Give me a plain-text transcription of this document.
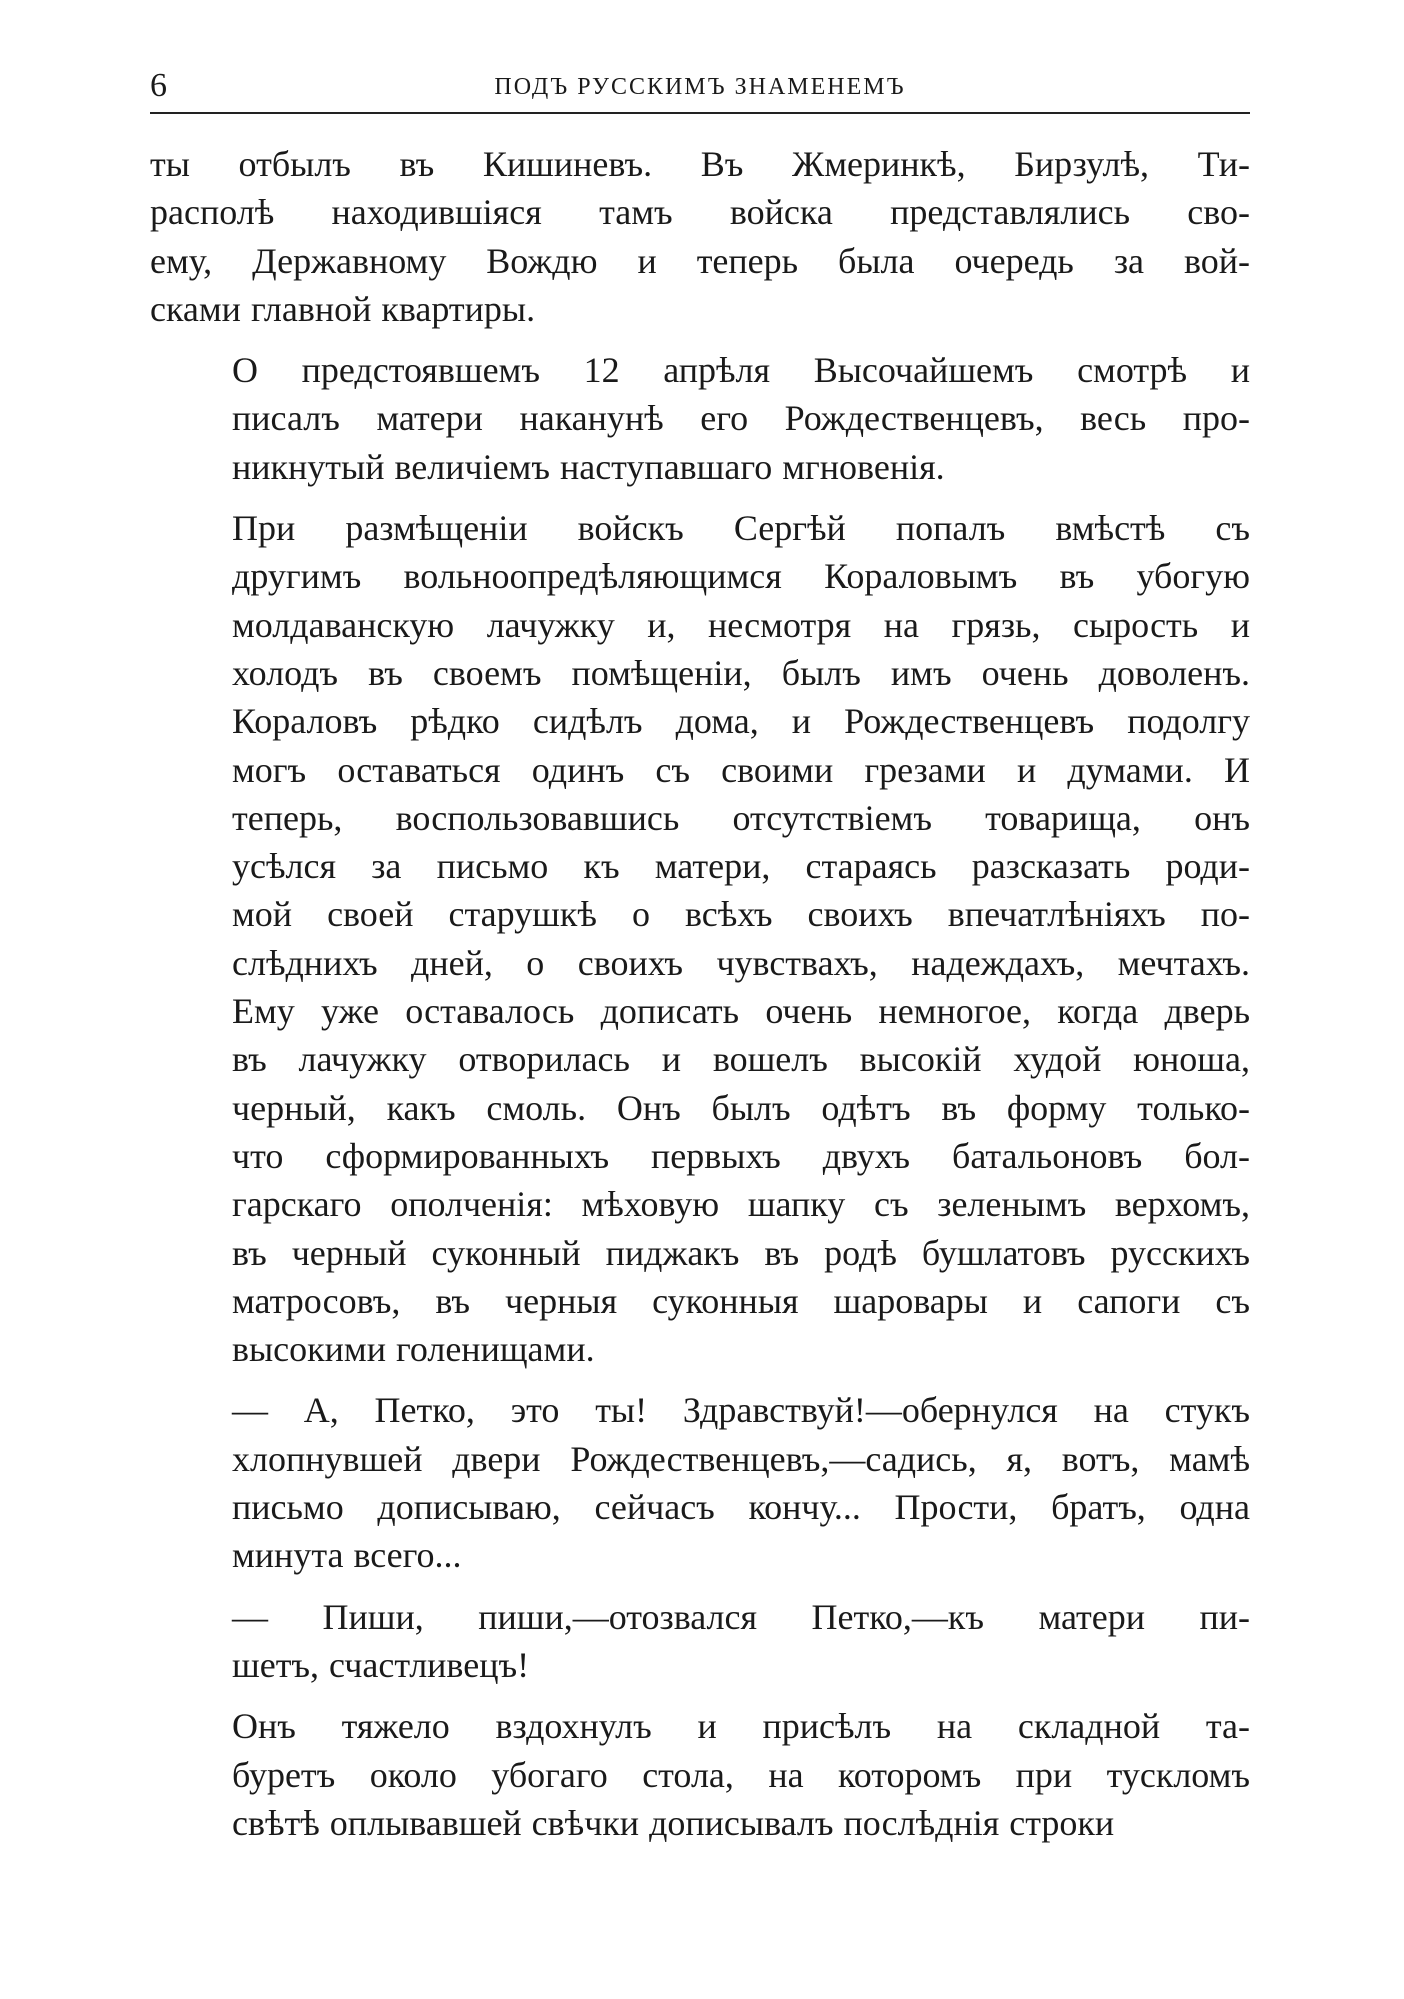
6	ПОДЪ РУССКИМЪ ЗНАМЕНЕМЪ

ты отбылъ въ Кишиневъ. Въ Жмеринкѣ, Бирзулѣ, Ти-
располѣ находившіяся тамъ войска представлялись сво-
ему, Державному Вождю и теперь была очередь за вой-
сками главной квартиры.

О предстоявшемъ 12 апрѣля Высочайшемъ смотрѣ и
писалъ матери наканунѣ его Рождественцевъ, весь про-
никнутый величіемъ наступавшаго мгновенія.

При размѣщеніи войскъ Сергѣй попалъ вмѣстѣ съ
другимъ вольноопредѣляющимся Кораловымъ въ убогую
молдаванскую лачужку и, несмотря на грязь, сырость и
холодъ въ своемъ помѣщеніи, былъ имъ очень доволенъ.
Кораловъ рѣдко сидѣлъ дома, и Рождественцевъ подолгу
могъ оставаться одинъ съ своими грезами и думами. И
теперь, воспользовавшись отсутствіемъ товарища, онъ
усѣлся за письмо къ матери, стараясь разсказать роди-
мой своей старушкѣ о всѣхъ своихъ впечатлѣніяхъ по-
слѣднихъ дней, о своихъ чувствахъ, надеждахъ, мечтахъ.
Ему уже оставалось дописать очень немногое, когда дверь
въ лачужку отворилась и вошелъ высокій худой юноша,
черный, какъ смоль. Онъ былъ одѣтъ въ форму только-
что сформированныхъ первыхъ двухъ батальоновъ бол-
гарскаго ополченія: мѣховую шапку съ зеленымъ верхомъ,
въ черный суконный пиджакъ въ родѣ бушлатовъ русскихъ
матросовъ, въ черныя суконныя шаровары и сапоги съ
высокими голенищами.

— А, Петко, это ты! Здравствуй!—обернулся на стукъ
хлопнувшей двери Рождественцевъ,—садись, я, вотъ, мамѣ
письмо дописываю, сейчасъ кончу... Прости, братъ, одна
минута всего...

— Пиши, пиши,—отозвался Петко,—къ матери пи-
шетъ, счастливецъ!

Онъ тяжело вздохнулъ и присѣлъ на складной та-
буретъ около убогаго стола, на которомъ при тускломъ
свѣтѣ оплывавшей свѣчки дописывалъ послѣднія строки
